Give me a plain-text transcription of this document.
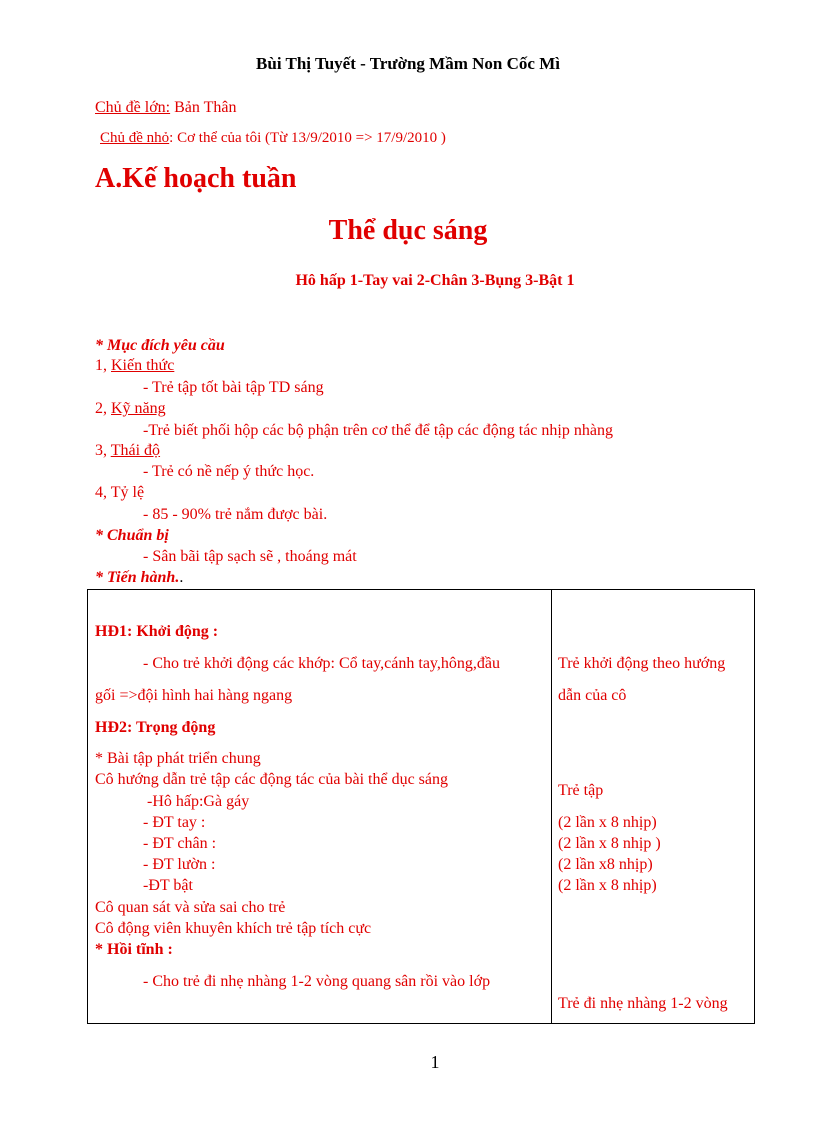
Bùi Thị Tuyết - Trường Mầm Non Cốc Mì
Chủ đề lớn: Bản Thân
Chủ đề nhỏ: Cơ thể của tôi (Từ 13/9/2010 => 17/9/2010 )
A.Kế hoạch tuần
Thể dục sáng
Hô hấp 1-Tay vai 2-Chân 3-Bụng 3-Bật 1
* Mục đích yêu cầu
1, Kiến thức
- Trẻ tập tốt bài tập TD sáng
2, Kỹ năng
-Trẻ biết phối hộp các bộ phận trên cơ thể để tập các động tác nhịp nhàng
3, Thái độ
- Trẻ có nề nếp ý thức học.
4, Tỷ lệ
- 85 - 90% trẻ nắm được bài.
* Chuẩn bị
- Sân bãi tập sạch sẽ , thoáng mát
* Tiến hành..
HĐ1: Khởi động :
- Cho trẻ khởi động các khớp: Cổ tay,cánh tay,hông,đầu
gối =>đội hình hai hàng ngang
Trẻ khởi động theo hướng
dẫn của cô
HĐ2: Trọng động
* Bài tập phát triển chung
Cô hướng dẫn trẻ tập các động tác của bài thể dục sáng
-Hô hấp:Gà gáy
- ĐT tay :
- ĐT chân :
- ĐT lườn :
-ĐT bật
Cô quan sát và sửa sai cho trẻ
Cô động viên khuyên khích trẻ tập tích cực
Trẻ tập
(2 lần x 8 nhịp)
(2 lần x 8 nhịp )
(2 lần x8 nhịp)
(2 lần x 8 nhịp)
* Hồi tĩnh :
- Cho trẻ đi nhẹ nhàng 1-2 vòng quang sân rồi vào lớp
Trẻ đi nhẹ nhàng 1-2 vòng
1
